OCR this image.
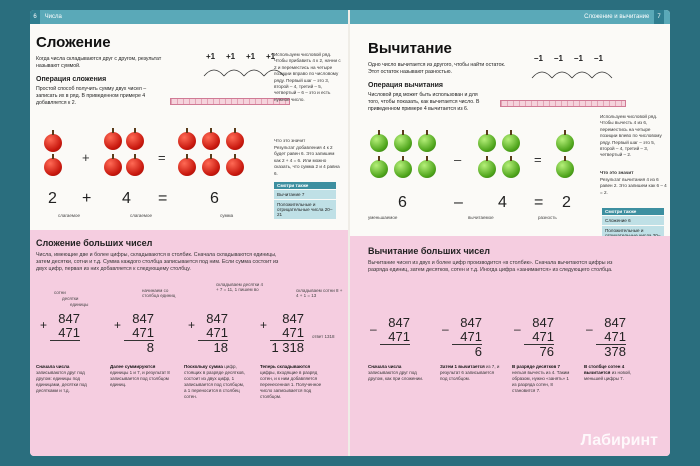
6 Числа
Сложение
Когда числа складываются друг с другом, результат называют суммой.
Операция сложения
Простой способ получить сумму двух чисел – записать их в ряд. В приведенном примере 4 добавляется к 2.
+1 +1 +1 +1
Используем числовой ряд. Чтобы прибавить 4 к 2, начни с 2 и переместись на четыре позиции вправо по числовому ряду. Первый шаг – это 3, второй – 4, третий – 5, четвертый – 6 – это и есть нужное число.
Что это значит
Результат добавления 4 к 2 будет равен 6. Это запишем как 2 + 4 = 6. Или можно сказать, что сумма 2 и 4 равна 6.
+	=
2 + 4 =	6
слагаемое	слагаемое	сумма
Смотри также
Вычитание 7
Положительные и отрицательные числа 20–21
Сложение больших чисел
Числа, имеющие две и более цифры, складываются в столбик. Сначала складываются единицы, затем десятки, сотни и т.д. Сумма каждого столбца записывается под ним. Если сумма состоит из двух цифр, первая из них добавляется к следующему столбцу.
сотни
десятки
единицы
+ 847
471	+ 847
471
8
+ 847
471
18
+	847
471
1 318
начинаем со столбца единиц
складываем десятки 4 + 7 = 11, 1 пишем во	складываем сотни 8 + 4 + 1 = 13
ответ 1318
Сначала числа записываются друг под другом: единицы под единицами, десятки под десятками и т.д.
Далее суммируются единицы 1 и 7, и результат 8 записывается под столбцом единиц.
Поскольку сумма цифр, стоящих в разряде десятков, состоит из двух цифр, 1 записывается под столбцом, а 1 переносится в столбец сотен.
Теперь складываются цифры, входящие в разряд сотен, и к ним добавляется перенесенная 1. Полученное число записывается под столбцом.
Сложение и вычитание 7
Вычитание
Одно число вычитается из другого, чтобы найти остаток. Этот остаток называют разностью.
Операция вычитания
Числовой ряд может быть использован и для того, чтобы показать, как вычитается число. В приведенном примере 4 вычитается из 6.
–1 –1 –1 –1
Используем числовой ряд. Чтобы вычесть 4 из 6, переместись на четыре позиции влево по числовому ряду. Первый шаг – это 5, второй – 4, третий – 3, четвертый – 2.
Что это значит
Результат вычитания 4 из 6 равен 2. Это запишем как 6 – 4 = 2.
–	=
6	– 4 = 2
уменьшаемое	вычитаемое	разность
Смотри также
Сложение 6
Положительные и
Вычитание больших чисел
Вычитание чисел из двух и более цифр производится «в столбик». Сначала вычитаются цифры из разряда единиц, затем десятков, сотен и т.д. Иногда цифра «занимается» из следующего столбца.
– 847
471	– 847
471
6
– 847
471
76
– 847
471
378
Сначала числа записываются друг под другом, как при сложении.
Затем 1 вычитается из 7, и результат 6 записывается под столбцом.
В разряде десятков 7 нельзя вычесть из 4. Таким образом, нужно «занять» 1 из разряда сотен, 8 становится 7.
В столбце сотен 4 вычитается из новой, меньшей цифры 7.
Лабиринт
